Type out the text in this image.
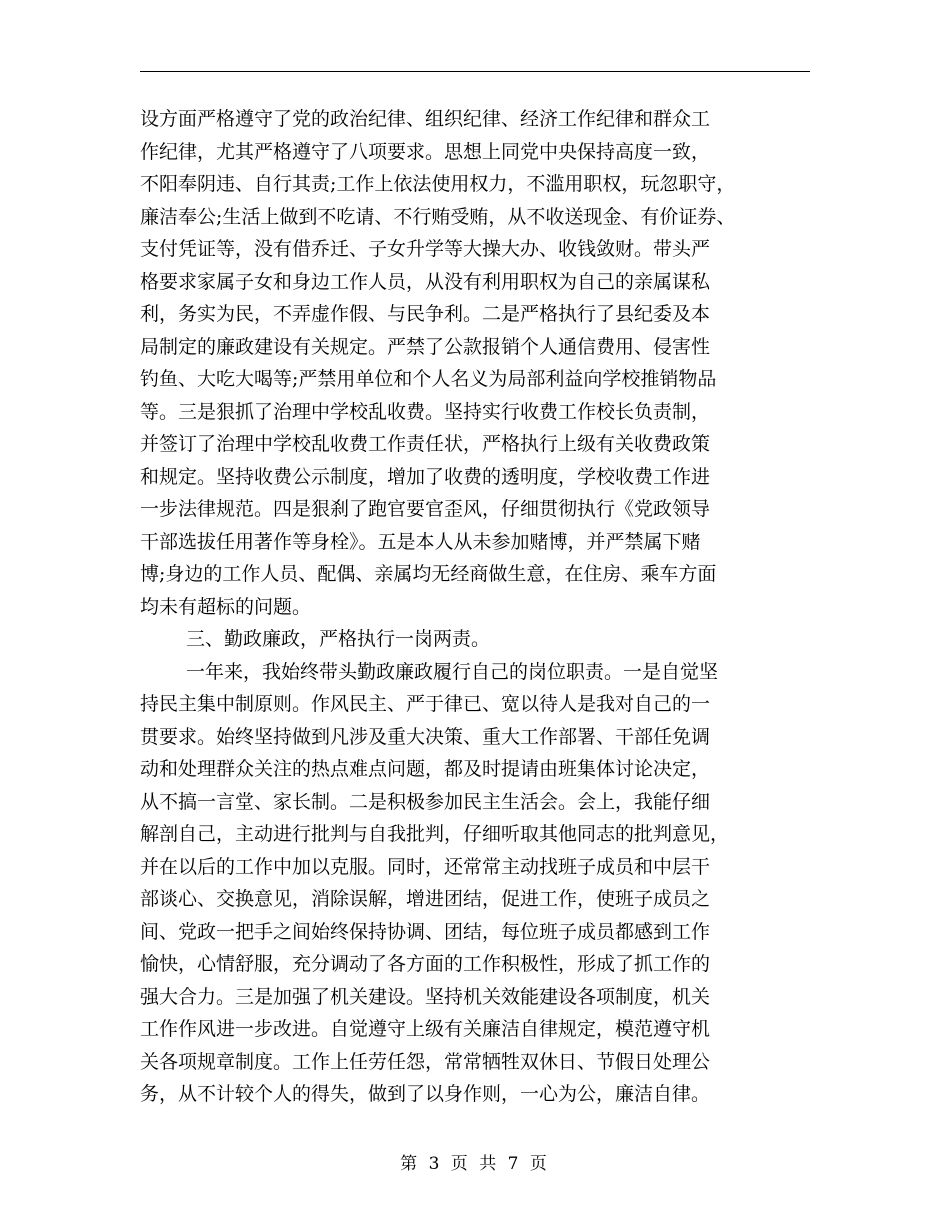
设方面严格遵守了党的政治纪律、组织纪律、经济工作纪律和群众工
作纪律，尤其严格遵守了八项要求。思想上同党中央保持高度一致，
不阳奉阴违、自行其责;工作上依法使用权力，不滥用职权，玩忽职守，
廉洁奉公;生活上做到不吃请、不行贿受贿，从不收送现金、有价证券、
支付凭证等，没有借乔迁、子女升学等大操大办、收钱敛财。带头严
格要求家属子女和身边工作人员，从没有利用职权为自己的亲属谋私
利，务实为民，不弄虚作假、与民争利。二是严格执行了县纪委及本
局制定的廉政建设有关规定。严禁了公款报销个人通信费用、侵害性
钓鱼、大吃大喝等;严禁用单位和个人名义为局部利益向学校推销物品
等。三是狠抓了治理中学校乱收费。坚持实行收费工作校长负责制，
并签订了治理中学校乱收费工作责任状，严格执行上级有关收费政策
和规定。坚持收费公示制度，增加了收费的透明度，学校收费工作进
一步法律规范。四是狠刹了跑官要官歪风，仔细贯彻执行《党政领导
干部选拔任用著作等身栓》。五是本人从未参加赌博，并严禁属下赌
博;身边的工作人员、配偶、亲属均无经商做生意，在住房、乘车方面
均未有超标的问题。
三、勤政廉政，严格执行一岗两责。
一年来，我始终带头勤政廉政履行自己的岗位职责。一是自觉坚
持民主集中制原则。作风民主、严于律已、宽以待人是我对自己的一
贯要求。始终坚持做到凡涉及重大决策、重大工作部署、干部任免调
动和处理群众关注的热点难点问题，都及时提请由班集体讨论决定，
从不搞一言堂、家长制。二是积极参加民主生活会。会上，我能仔细
解剖自己，主动进行批判与自我批判，仔细听取其他同志的批判意见，
并在以后的工作中加以克服。同时，还常常主动找班子成员和中层干
部谈心、交换意见，消除误解，增进团结，促进工作，使班子成员之
间、党政一把手之间始终保持协调、团结，每位班子成员都感到工作
愉快，心情舒服，充分调动了各方面的工作积极性，形成了抓工作的
强大合力。三是加强了机关建设。坚持机关效能建设各项制度，机关
工作作风进一步改进。自觉遵守上级有关廉洁自律规定，模范遵守机
关各项规章制度。工作上任劳任怨，常常牺牲双休日、节假日处理公
务，从不计较个人的得失，做到了以身作则，一心为公，廉洁自律。
第 3 页 共 7 页
